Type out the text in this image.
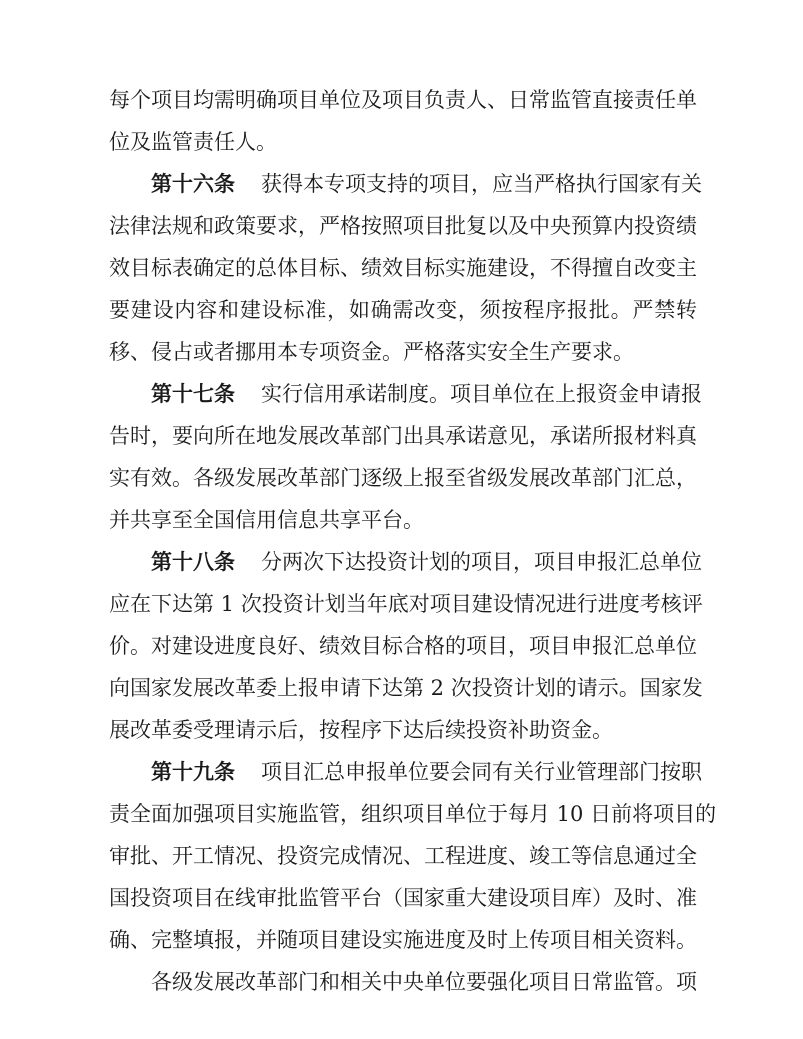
每个项目均需明确项目单位及项目负责人、日常监管直接责任单
位及监管责任人。
第十六条 获得本专项支持的项目，应当严格执行国家有关
法律法规和政策要求，严格按照项目批复以及中央预算内投资绩
效目标表确定的总体目标、绩效目标实施建设，不得擅自改变主
要建设内容和建设标准，如确需改变，须按程序报批。严禁转
移、侵占或者挪用本专项资金。严格落实安全生产要求。
第十七条 实行信用承诺制度。项目单位在上报资金申请报
告时，要向所在地发展改革部门出具承诺意见，承诺所报材料真
实有效。各级发展改革部门逐级上报至省级发展改革部门汇总，
并共享至全国信用信息共享平台。
第十八条 分两次下达投资计划的项目，项目申报汇总单位
应在下达第 1 次投资计划当年底对项目建设情况进行进度考核评
价。对建设进度良好、绩效目标合格的项目，项目申报汇总单位
向国家发展改革委上报申请下达第 2 次投资计划的请示。国家发
展改革委受理请示后，按程序下达后续投资补助资金。
第十九条 项目汇总申报单位要会同有关行业管理部门按职
责全面加强项目实施监管，组织项目单位于每月 10 日前将项目的
审批、开工情况、投资完成情况、工程进度、竣工等信息通过全
国投资项目在线审批监管平台（国家重大建设项目库）及时、准
确、完整填报，并随项目建设实施进度及时上传项目相关资料。
各级发展改革部门和相关中央单位要强化项目日常监管。项
